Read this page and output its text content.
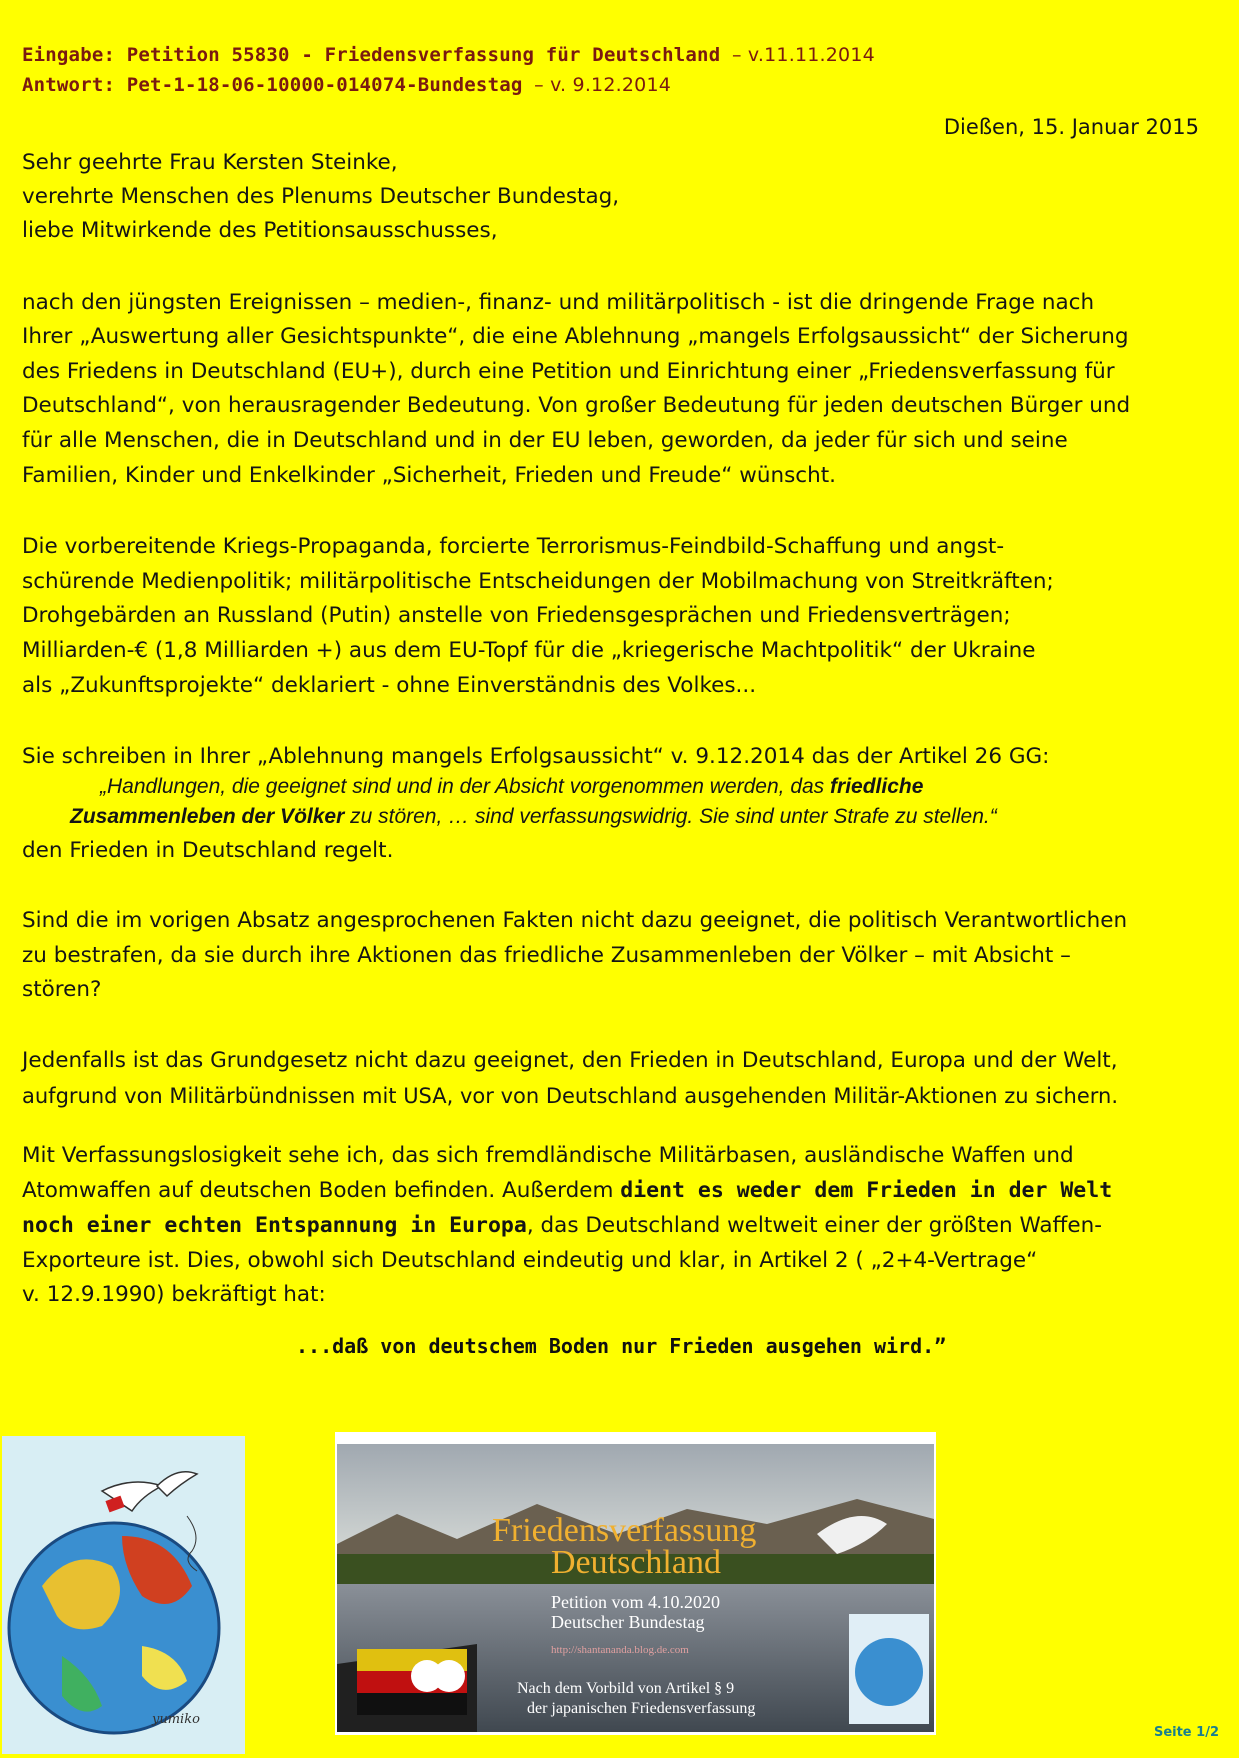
Eingabe: Petition 55830 - Friedensverfassung für Deutschland – v.11.11.2014
Antwort: Pet-1-18-06-10000-014074-Bundestag – v. 9.12.2014
Dießen, 15. Januar 2015
Sehr geehrte Frau Kersten Steinke,
verehrte Menschen des Plenums Deutscher Bundestag,
liebe Mitwirkende des Petitionsausschusses,
nach den jüngsten Ereignissen – medien-, finanz- und militärpolitisch - ist die dringende Frage nach
Ihrer „Auswertung aller Gesichtspunkte“, die eine Ablehnung „mangels Erfolgsaussicht“ der Sicherung
des Friedens in Deutschland (EU+), durch eine Petition und Einrichtung einer „Friedensverfassung für
Deutschland“, von herausragender Bedeutung. Von großer Bedeutung für jeden deutschen Bürger und
für alle Menschen, die in Deutschland und in der EU leben, geworden, da jeder für sich und seine
Familien, Kinder und Enkelkinder „Sicherheit, Frieden und Freude“ wünscht.
Die vorbereitende Kriegs-Propaganda, forcierte Terrorismus-Feindbild-Schaffung und angst-
schürende Medienpolitik; militärpolitische Entscheidungen der Mobilmachung von Streitkräften;
Drohgebärden an Russland (Putin) anstelle von Friedensgesprächen und Friedensverträgen;
Milliarden-€ (1,8 Milliarden +) aus dem EU-Topf für die „kriegerische Machtpolitik“ der Ukraine
als „Zukunftsprojekte“ deklariert - ohne Einverständnis des Volkes...
Sie schreiben in Ihrer „Ablehnung mangels Erfolgsaussicht“ v. 9.12.2014 das der Artikel 26 GG:
„Handlungen, die geeignet sind und in der Absicht vorgenommen werden, das friedliche
Zusammenleben der Völker zu stören, … sind verfassungswidrig. Sie sind unter Strafe zu stellen.“
den Frieden in Deutschland regelt.
Sind die im vorigen Absatz angesprochenen Fakten nicht dazu geeignet, die politisch Verantwortlichen
zu bestrafen, da sie durch ihre Aktionen das friedliche Zusammenleben der Völker – mit Absicht –
stören?
Jedenfalls ist das Grundgesetz nicht dazu geeignet, den Frieden in Deutschland, Europa und der Welt,
aufgrund von Militärbündnissen mit USA, vor von Deutschland ausgehenden Militär-Aktionen zu sichern.
Mit Verfassungslosigkeit sehe ich, das sich fremdländische Militärbasen, ausländische Waffen und
Atomwaffen auf deutschen Boden befinden. Außerdem dient es weder dem Frieden in der Welt
noch einer echten Entspannung in Europa, das Deutschland weltweit einer der größten Waffen-
Exporteure ist. Dies, obwohl sich Deutschland eindeutig und klar, in Artikel 2 ( „2+4-Vertrage“
v. 12.9.1990) bekräftigt hat:
...daß von deutschem Boden nur Frieden ausgehen wird.”
yumiko
Friedensverfassung
Deutschland
Petition vom 4.10.2020
Deutscher Bundestag
http://shantananda.blog.de.com
Nach dem Vorbild von Artikel § 9
der japanischen Friedensverfassung
Seite 1/2
